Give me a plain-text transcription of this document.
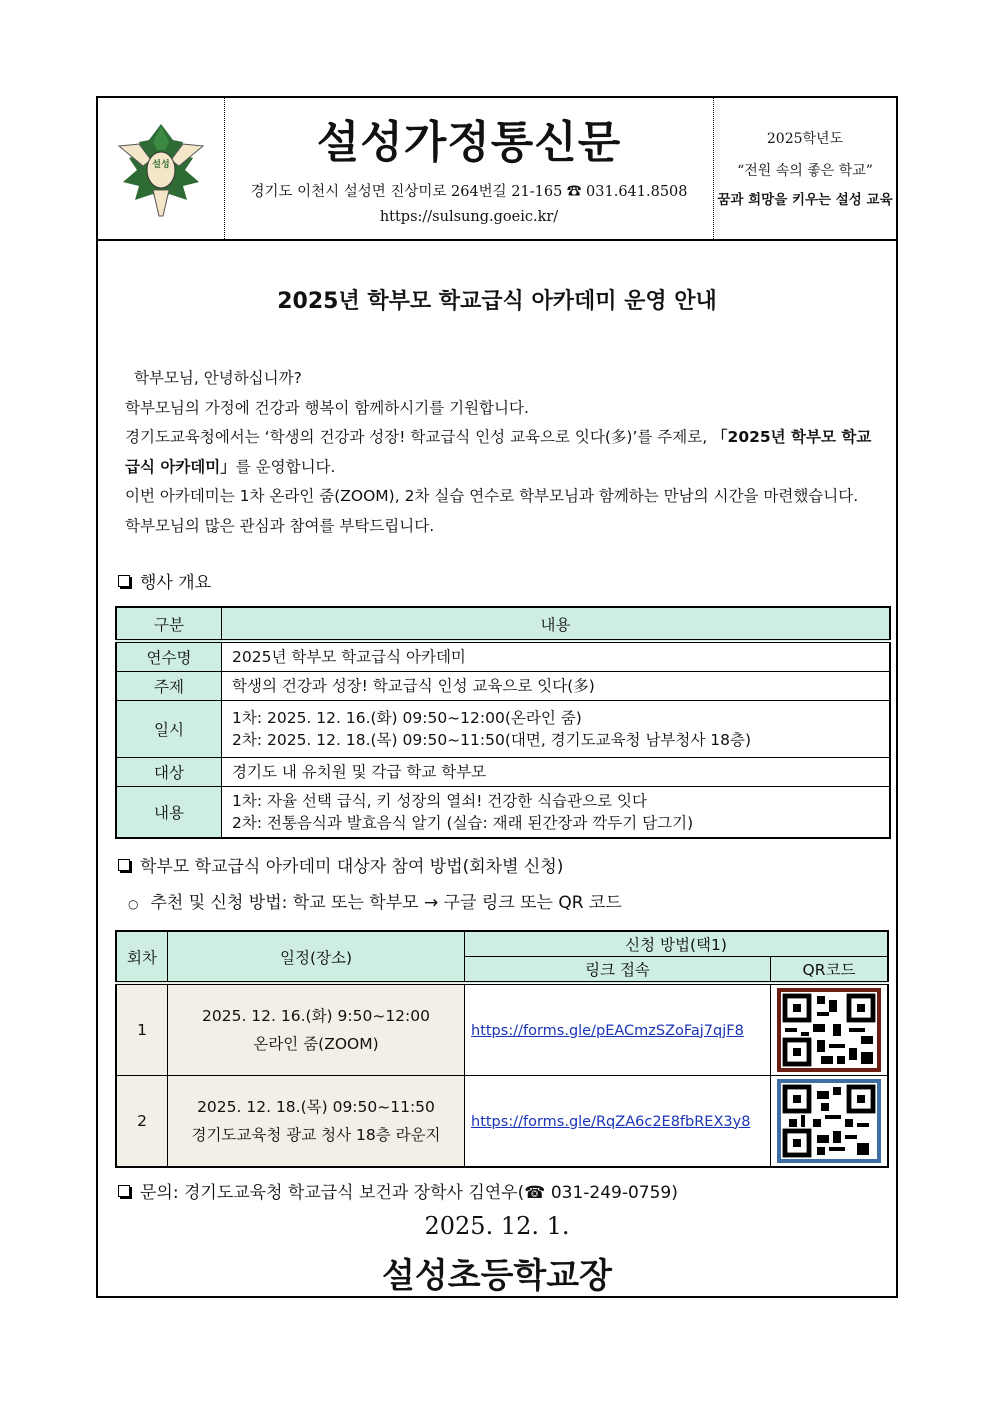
설성	설성가정통신문
경기도 이천시 설성면 진상미로 264번길 21-165 ☎ 031.641.8508
https://sulsung.goeic.kr/
2025학년도
“전원 속의 좋은 학교”
꿈과 희망을 키우는 설성 교육
2025년 학부모 학교급식 아카데미 운영 안내

학부모님, 안녕하십니까?

학부모님의 가정에 건강과 행복이 함께하시기를 기원합니다.

경기도교육청에서는 ‘학생의 건강과 성장! 학교급식 인성 교육으로 잇다(多)’를 주제로, 「2025년 학부모 학교급식 아카데미」를 운영합니다.

이번 아카데미는 1차 온라인 줌(ZOOM), 2차 실습 연수로 학부모님과 함께하는 만남의 시간을 마련했습니다.

학부모님의 많은 관심과 참여를 부탁드립니다.

행사 개요
구분	내용
연수명	2025년 학부모 학교급식 아카데미
주제	학생의 건강과 성장! 학교급식 인성 교육으로 잇다(多)
일시	1차: 2025. 12. 16.(화) 09:50~12:00(온라인 줌)
2차: 2025. 12. 18.(목) 09:50~11:50(대면, 경기도교육청 남부청사 18층)

대상	경기도 내 유치원 및 각급 학교 학부모
내용	1차: 자율 선택 급식, 키 성장의 열쇠! 건강한 식습관으로 잇다
2차: 전통음식과 발효음식 알기 (실습: 재래 된간장과 깍두기 담그기)
학부모 학교급식 아카데미 대상자 참여 방법(회차별 신청)
○ 추천 및 신청 방법: 학교 또는 학부모 → 구글 링크 또는 QR 코드
회차	일정(장소)	신청 방법(택1)	
		링크 접속	QR코드
1	2025. 12. 16.(화) 9:50~12:00
온라인 줌(ZOOM)	https://forms.gle/pEACmzSZoFaj7qjF8	

2	2025. 12. 18.(목) 09:50~11:50
경기도교육청 광교 청사 18층 라운지	https://forms.gle/RqZA6c2E8fbREX3y8	
문의: 경기도교육청 학교급식 보건과 장학사 김연우(☎ 031-249-0759)
2025. 12. 1.
설성초등학교장
